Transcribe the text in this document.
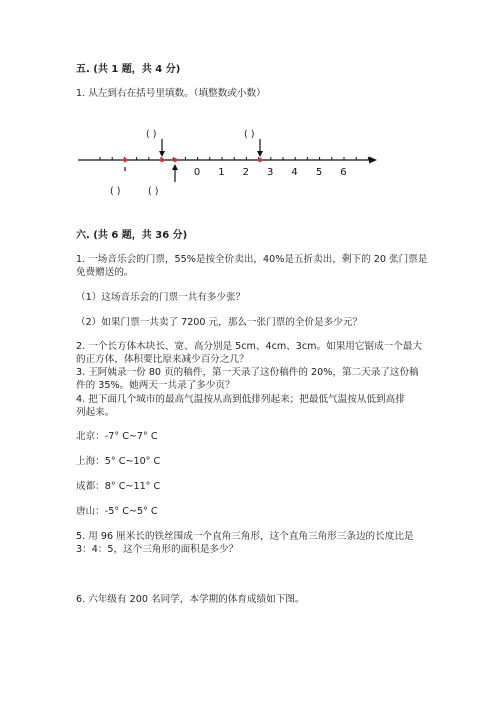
五. (共 1 题，共 4 分)
1. 从左到右在括号里填数。（填整数或小数）
0 1 2 3 4 5 6
( )	( )
( )	( )
六. (共 6 题，共 36 分)
1. 一场音乐会的门票，55%是按全价卖出，40%是五折卖出，剩下的 20 张门票是
免费赠送的。
（1）这场音乐会的门票一共有多少张？
（2）如果门票一共卖了 7200 元，那么一张门票的全价是多少元？
2. 一个长方体木块长、宽、高分别是 5cm、4cm、3cm。如果用它锯成一个最大
的正方体，体积要比原来减少百分之几？
3. 王阿姨录一份 80 页的稿件，第一天录了这份稿件的 20%，第二天录了这份稿
件的 35%。她两天一共录了多少页？
4. 把下面几个城市的最高气温按从高到低排列起来；把最低气温按从低到高排
列起来。
北京：-7° C~7° C
上海：5° C~10° C
成都：8° C~11° C
唐山：-5° C~5° C
5. 用 96 厘米长的铁丝围成一个直角三角形，这个直角三角形三条边的长度比是
3：4：5，这个三角形的面积是多少？
6. 六年级有 200 名同学，本学期的体育成绩如下图。
